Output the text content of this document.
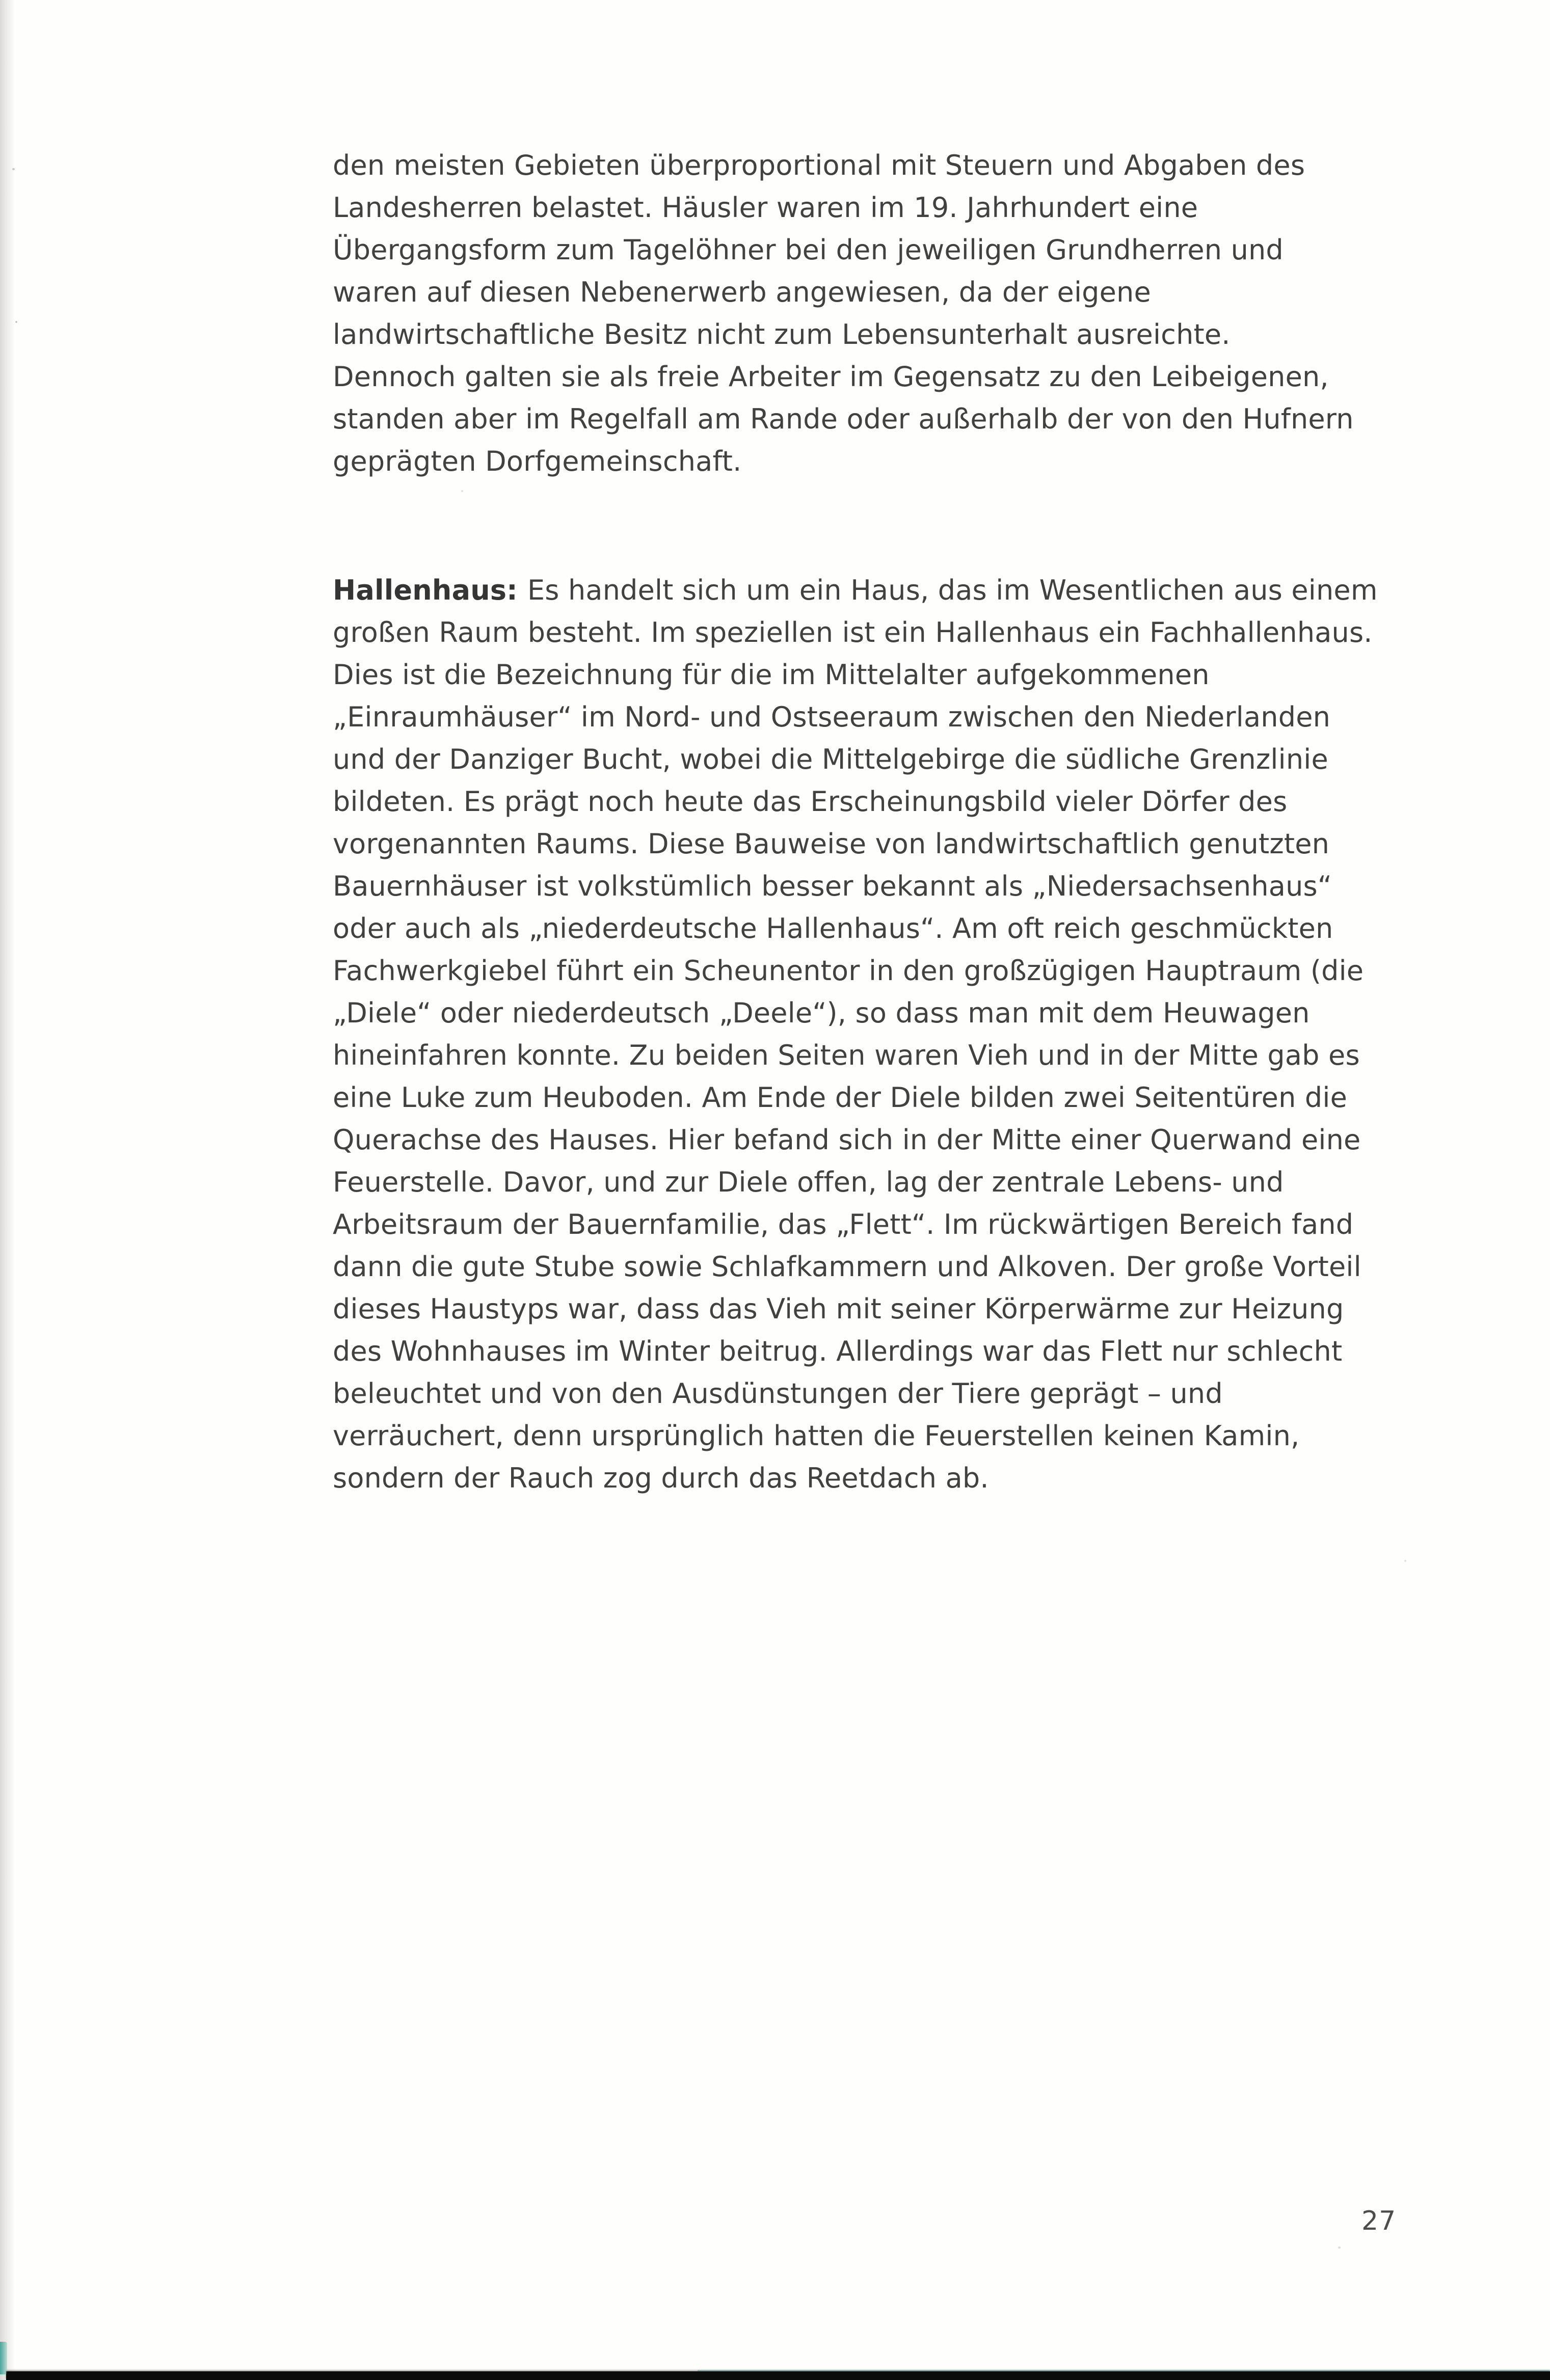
den meisten Gebieten überproportional mit Steuern und Abgaben des
Landesherren belastet. Häusler waren im 19. Jahrhundert eine
Übergangsform zum Tagelöhner bei den jeweiligen Grundherren und
waren auf diesen Nebenerwerb angewiesen, da der eigene
landwirtschaftliche Besitz nicht zum Lebensunterhalt ausreichte.
Dennoch galten sie als freie Arbeiter im Gegensatz zu den Leibeigenen,
standen aber im Regelfall am Rande oder außerhalb der von den Hufnern
geprägten Dorfgemeinschaft.
Hallenhaus: Es handelt sich um ein Haus, das im Wesentlichen aus einem
großen Raum besteht. Im speziellen ist ein Hallenhaus ein Fachhallenhaus.
Dies ist die Bezeichnung für die im Mittelalter aufgekommenen
„Einraumhäuser“ im Nord- und Ostseeraum zwischen den Niederlanden
und der Danziger Bucht, wobei die Mittelgebirge die südliche Grenzlinie
bildeten. Es prägt noch heute das Erscheinungsbild vieler Dörfer des
vorgenannten Raums. Diese Bauweise von landwirtschaftlich genutzten
Bauernhäuser ist volkstümlich besser bekannt als „Niedersachsenhaus“
oder auch als „niederdeutsche Hallenhaus“. Am oft reich geschmückten
Fachwerkgiebel führt ein Scheunentor in den großzügigen Hauptraum (die
„Diele“ oder niederdeutsch „Deele“), so dass man mit dem Heuwagen
hineinfahren konnte. Zu beiden Seiten waren Vieh und in der Mitte gab es
eine Luke zum Heuboden. Am Ende der Diele bilden zwei Seitentüren die
Querachse des Hauses. Hier befand sich in der Mitte einer Querwand eine
Feuerstelle. Davor, und zur Diele offen, lag der zentrale Lebens- und
Arbeitsraum der Bauernfamilie, das „Flett“. Im rückwärtigen Bereich fand
dann die gute Stube sowie Schlafkammern und Alkoven. Der große Vorteil
dieses Haustyps war, dass das Vieh mit seiner Körperwärme zur Heizung
des Wohnhauses im Winter beitrug. Allerdings war das Flett nur schlecht
beleuchtet und von den Ausdünstungen der Tiere geprägt – und
verräuchert, denn ursprünglich hatten die Feuerstellen keinen Kamin,
sondern der Rauch zog durch das Reetdach ab.
27
